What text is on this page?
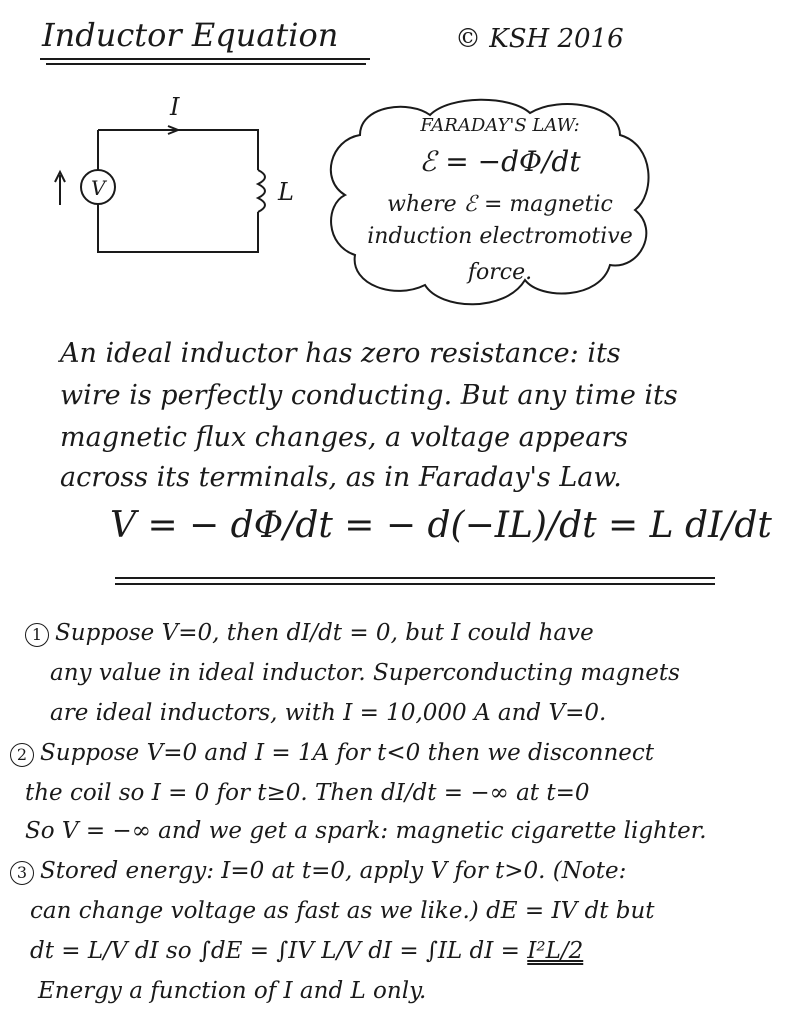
Inductor Equation	© KSH 2016
I
V	L
FARADAY'S LAW:
ℰ = −dΦ/dt
where ℰ = magnetic
induction electromotive
force.
An ideal inductor has zero resistance: its
wire is perfectly conducting. But any time its
magnetic flux changes, a voltage appears
across its terminals, as in Faraday's Law.
V = − dΦ/dt = − d(−IL)/dt = L dI/dt
1 Suppose V=0, then dI/dt = 0, but I could have
any value in ideal inductor. Superconducting magnets
are ideal inductors, with I = 10,000 A and V=0.
2 Suppose V=0 and I = 1A for t<0 then we disconnect
the coil so I = 0 for t≥0. Then dI/dt = −∞ at t=0
So V = −∞ and we get a spark: magnetic cigarette lighter.
3 Stored energy: I=0 at t=0, apply V for t>0. (Note:
can change voltage as fast as we like.) dE = IV dt but
dt = L/V dI so ∫dE = ∫IV L/V dI = ∫IL dI = I²L/2
Energy a function of I and L only.
